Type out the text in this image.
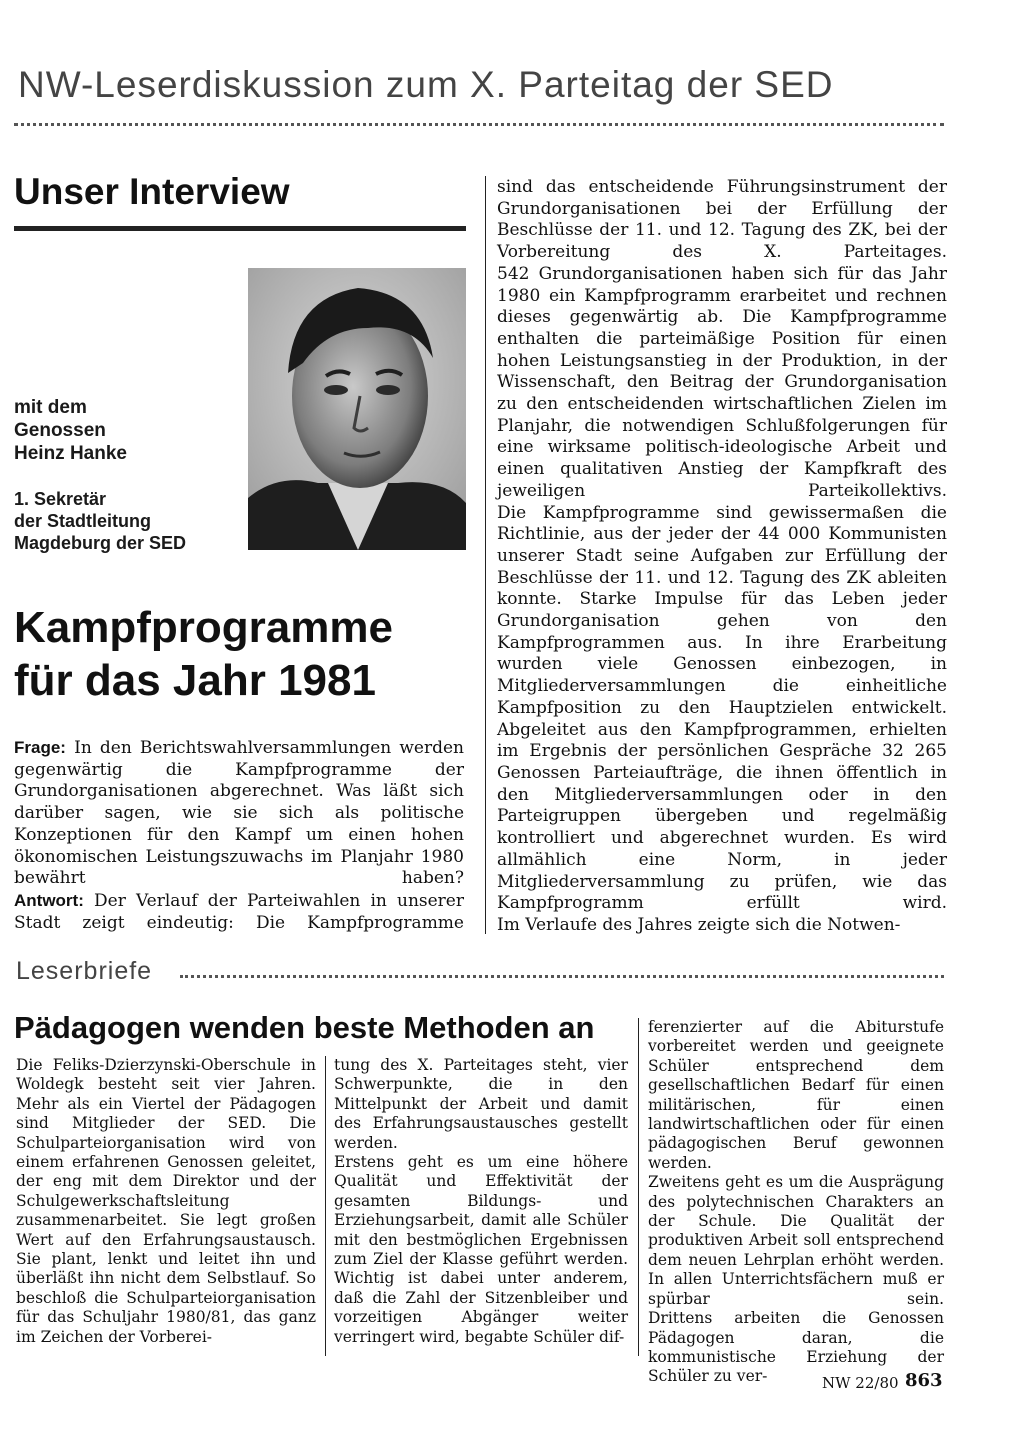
NW-Leserdiskussion zum X. Parteitag der SED
Unser Interview
mit dem
Genossen
Heinz Hanke
1. Sekretär
der Stadtleitung
Magdeburg der SED
Kampfprogramme
für das Jahr 1981

Frage: In den Berichtswahlversammlungen werden gegenwärtig die Kampfprogramme der Grundorganisationen abgerechnet. Was läßt sich darüber sagen, wie sie sich als politische Konzeptionen für den Kampf um einen hohen ökonomischen Leistungszuwachs im Planjahr 1980 bewährt haben?

Antwort: Der Verlauf der Parteiwahlen in unserer Stadt zeigt eindeutig: Die Kampfprogramme

sind das entscheidende Führungsinstrument der Grundorganisationen bei der Erfüllung der Beschlüsse der 11. und 12. Tagung des ZK, bei der Vorbereitung des X. Parteitages.

542 Grundorganisationen haben sich für das Jahr 1980 ein Kampfprogramm erarbeitet und rechnen dieses gegenwärtig ab. Die Kampfprogramme enthalten die parteimäßige Position für einen hohen Leistungsanstieg in der Produktion, in der Wissenschaft, den Beitrag der Grundorganisation zu den entscheidenden wirtschaftlichen Zielen im Planjahr, die notwendigen Schlußfolgerungen für eine wirksame politisch-ideologische Arbeit und einen qualitativen Anstieg der Kampfkraft des jeweiligen Parteikollektivs.

Die Kampfprogramme sind gewissermaßen die Richtlinie, aus der jeder der 44 000 Kommunisten unserer Stadt seine Aufgaben zur Erfüllung der Beschlüsse der 11. und 12. Tagung des ZK ableiten konnte. Starke Impulse für das Leben jeder Grundorganisation gehen von den Kampfprogrammen aus. In ihre Erarbeitung wurden viele Genossen einbezogen, in Mitgliederversammlungen die einheitliche Kampfposition zu den Hauptzielen entwickelt. Abgeleitet aus den Kampfprogrammen, erhielten im Ergebnis der persönlichen Gespräche 32 265 Genossen Parteiaufträge, die ihnen öffentlich in den Mitgliederversammlungen oder in den Parteigruppen übergeben und regelmäßig kontrolliert und abgerechnet wurden. Es wird allmählich eine Norm, in jeder Mitgliederversammlung zu prüfen, wie das Kampfprogramm erfüllt wird.

Im Verlaufe des Jahres zeigte sich die Notwen-

Leserbriefe
Pädagogen wenden beste Methoden an

Die Feliks-Dzierzynski-Oberschule in Woldegk besteht seit vier Jahren. Mehr als ein Viertel der Pädagogen sind Mitglieder der SED. Die Schulparteiorganisation wird von einem erfahrenen Genossen geleitet, der eng mit dem Direktor und der Schulgewerkschaftsleitung zusammenarbeitet. Sie legt großen Wert auf den Erfahrungsaustausch. Sie plant, lenkt und leitet ihn und überläßt ihn nicht dem Selbstlauf. So beschloß die Schulparteiorganisation für das Schuljahr 1980/81, das ganz im Zeichen der Vorberei-

tung des X. Parteitages steht, vier Schwerpunkte, die in den Mittelpunkt der Arbeit und damit des Erfahrungsaustausches gestellt werden.

Erstens geht es um eine höhere Qualität und Effektivität der gesamten Bildungs- und Erziehungsarbeit, damit alle Schüler mit den bestmöglichen Ergebnissen zum Ziel der Klasse geführt werden. Wichtig ist dabei unter anderem, daß die Zahl der Sitzenbleiber und vorzeitigen Abgänger weiter verringert wird, begabte Schüler dif-

ferenzierter auf die Abiturstufe vorbereitet werden und geeignete Schüler entsprechend dem gesellschaftlichen Bedarf für einen militärischen, für einen landwirtschaftlichen oder für einen pädagogischen Beruf gewonnen werden.

Zweitens geht es um die Ausprägung des polytechnischen Charakters an der Schule. Die Qualität der produktiven Arbeit soll entsprechend dem neuen Lehrplan erhöht werden. In allen Unterrichtsfächern muß er spürbar sein.

Drittens arbeiten die Genossen Pädagogen daran, die kommunistische Erziehung der Schüler zu ver-	NW 22/80 863
